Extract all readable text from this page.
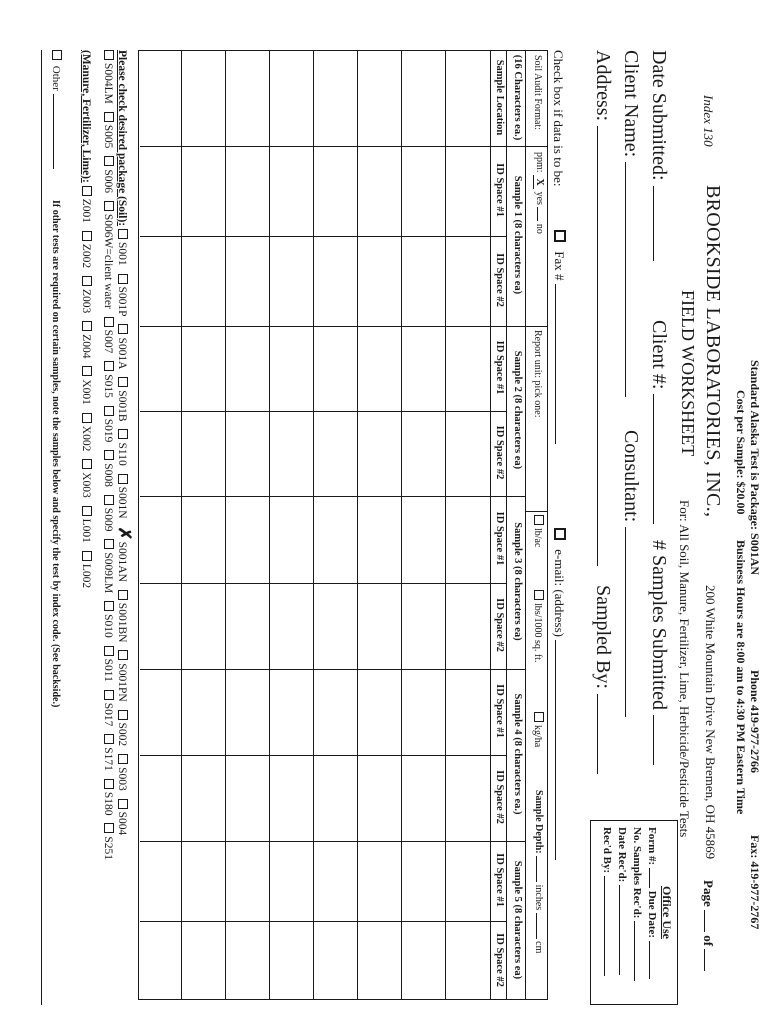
Standard Alaska Test is Package: S001AN
Phone 419-977-2766
Fax: 419-977-2767
Cost per Sample: $20.00
Business Hours are 8:00 am to 4:30 PM Eastern Time
Index 130
BROOKSIDE LABORATORIES, INC.,
200 White Mountain Drive New Bremen, OH 45869
Page  of
FIELD WORKSHEET
For: All Soil, Manure, Fertilizer, Lime, Herbicide/Pesticide Tests
Date Submitted:
Client #:
# Samples Submitted
Client Name:
Consultant:
Address:
Sampled By:
Office Use
Form #:  Due Date:
No. Samples Rec'd:
Date Rec'd:
Rec'd By:
Check box if data is to be:
Fax #
e-mail: (address)
Soil Audit Format:
ppm: X yes  no
Report unit: pick one:
lb/ac
lbs/1000 sq. ft.
kg/ha
Sample Depth:  inches  cm
(16 Characters ea.)
Sample 1 (8 characters ea)
Sample 2 (8 characters ea)
Sample 3 (8 characters ea)
Sample 4 (8 characters ea.)
Sample 5 (8 characters ea)
Sample Location
ID Space #1
ID Space #2
ID Space #1
ID Space #2
ID Space #1
ID Space #2
ID Space #1
ID Space #2
ID Space #1
ID Space #2
Please check desired package (Soil): S001 S001P S001A S001B S110 S001N ✗S001AN S001BN S001PN S002 S003 S004
S004LM S005 S006 S006W=client water S007 S015 S019 S008 S009 S009LM S010 S011 S017 S171 S180 S251
(Manure, Fertilizer, Lime): Z001 Z002 Z003 Z004 X001 X002 X003 L001 L002
Other
If other tests are required on certain samples, note the samples below and specify the test by index code. (See backside.)
